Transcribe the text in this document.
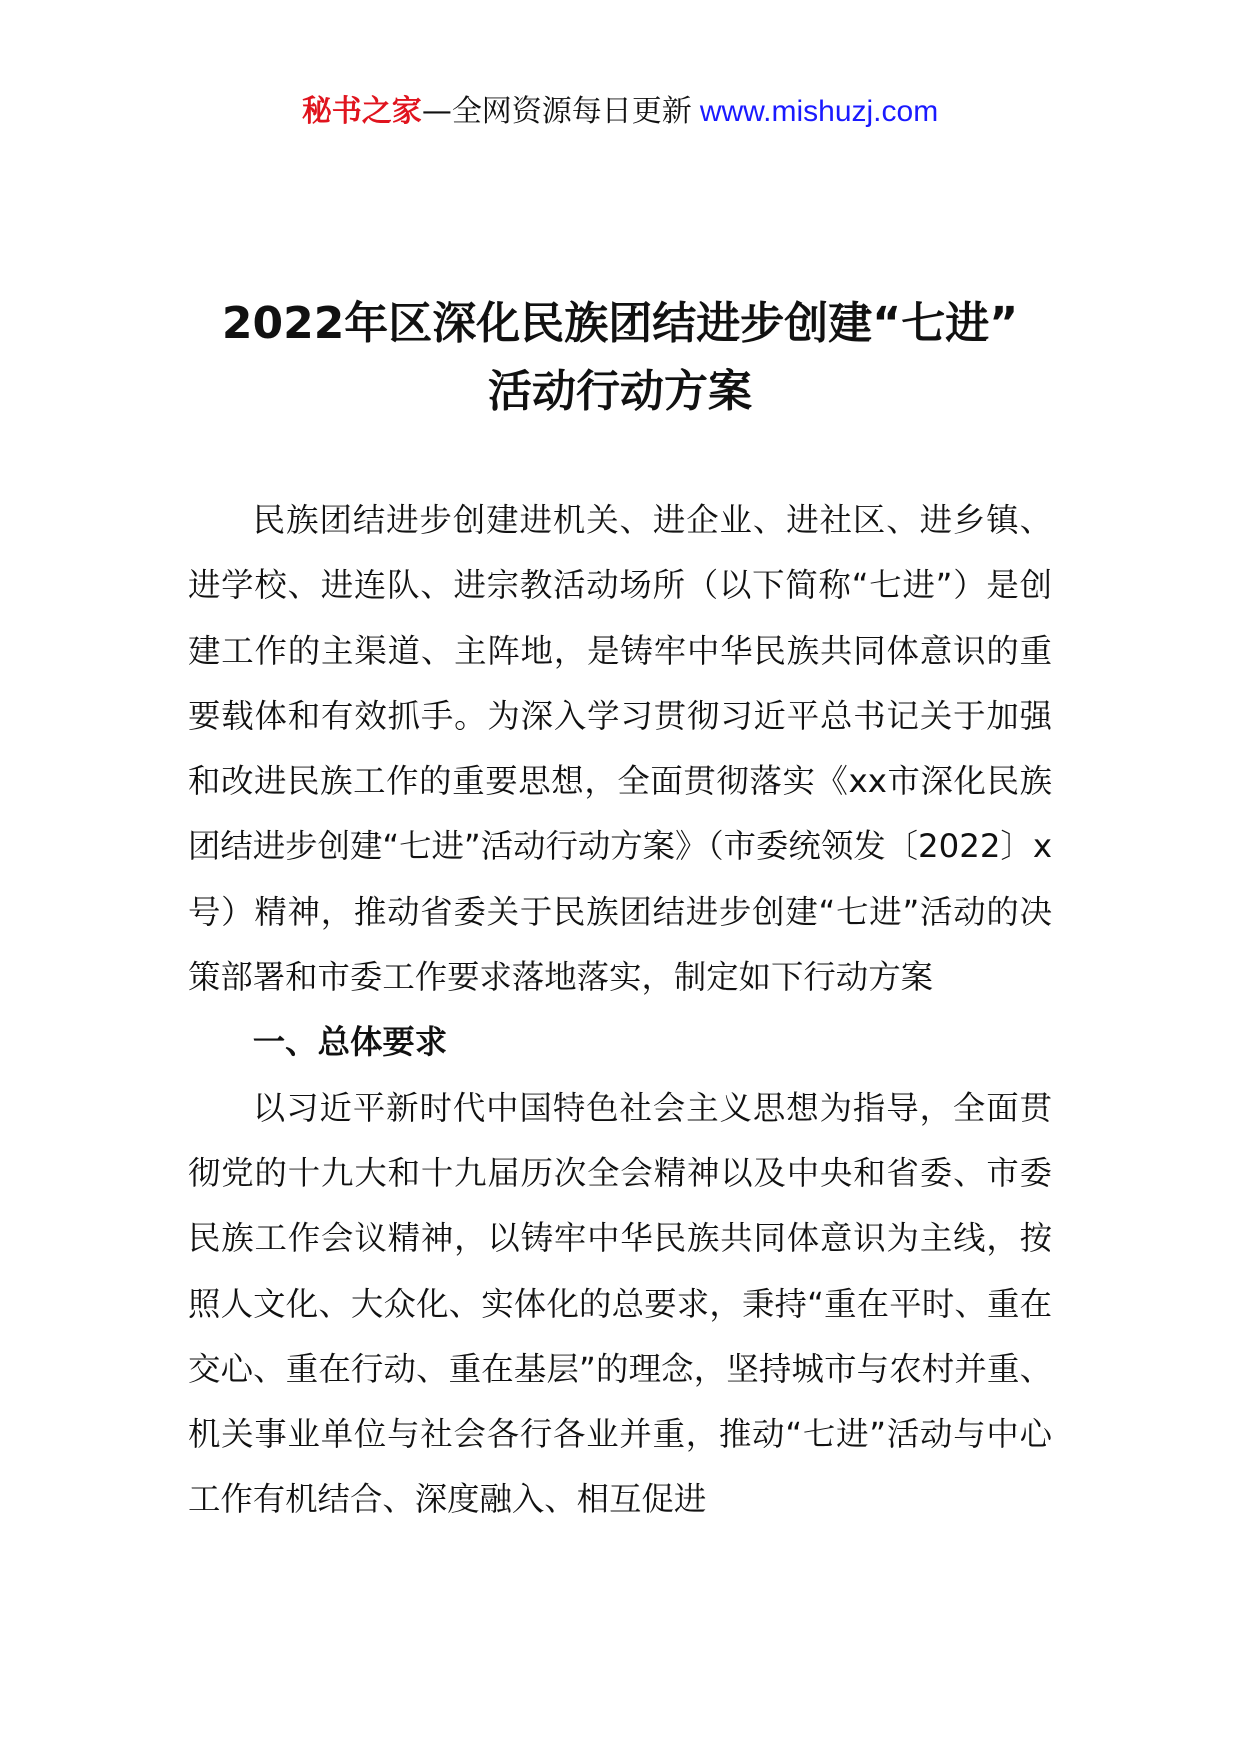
秘书之家—全网资源每日更新 www.mishuzj.com
2022年区深化民族团结进步创建“七进”
活动行动方案

民族团结进步创建进机关、进企业、进社区、进乡镇、进学校、进连队、进宗教活动场所（以下简称“七进”）是创建工作的主渠道、主阵地，是铸牢中华民族共同体意识的重要载体和有效抓手。为深入学习贯彻习近平总书记关于加强和改进民族工作的重要思想，全面贯彻落实《xx市深化民族团结进步创建“七进”活动行动方案》（市委统领发〔2022〕x号）精神，推动省委关于民族团结进步创建“七进”活动的决策部署和市委工作要求落地落实，制定如下行动方案

一、总体要求

以习近平新时代中国特色社会主义思想为指导，全面贯彻党的十九大和十九届历次全会精神以及中央和省委、市委民族工作会议精神，以铸牢中华民族共同体意识为主线，按照人文化、大众化、实体化的总要求，秉持“重在平时、重在交心、重在行动、重在基层”的理念，坚持城市与农村并重、机关事业单位与社会各行各业并重，推动“七进”活动与中心工作有机结合、深度融入、相互促进
